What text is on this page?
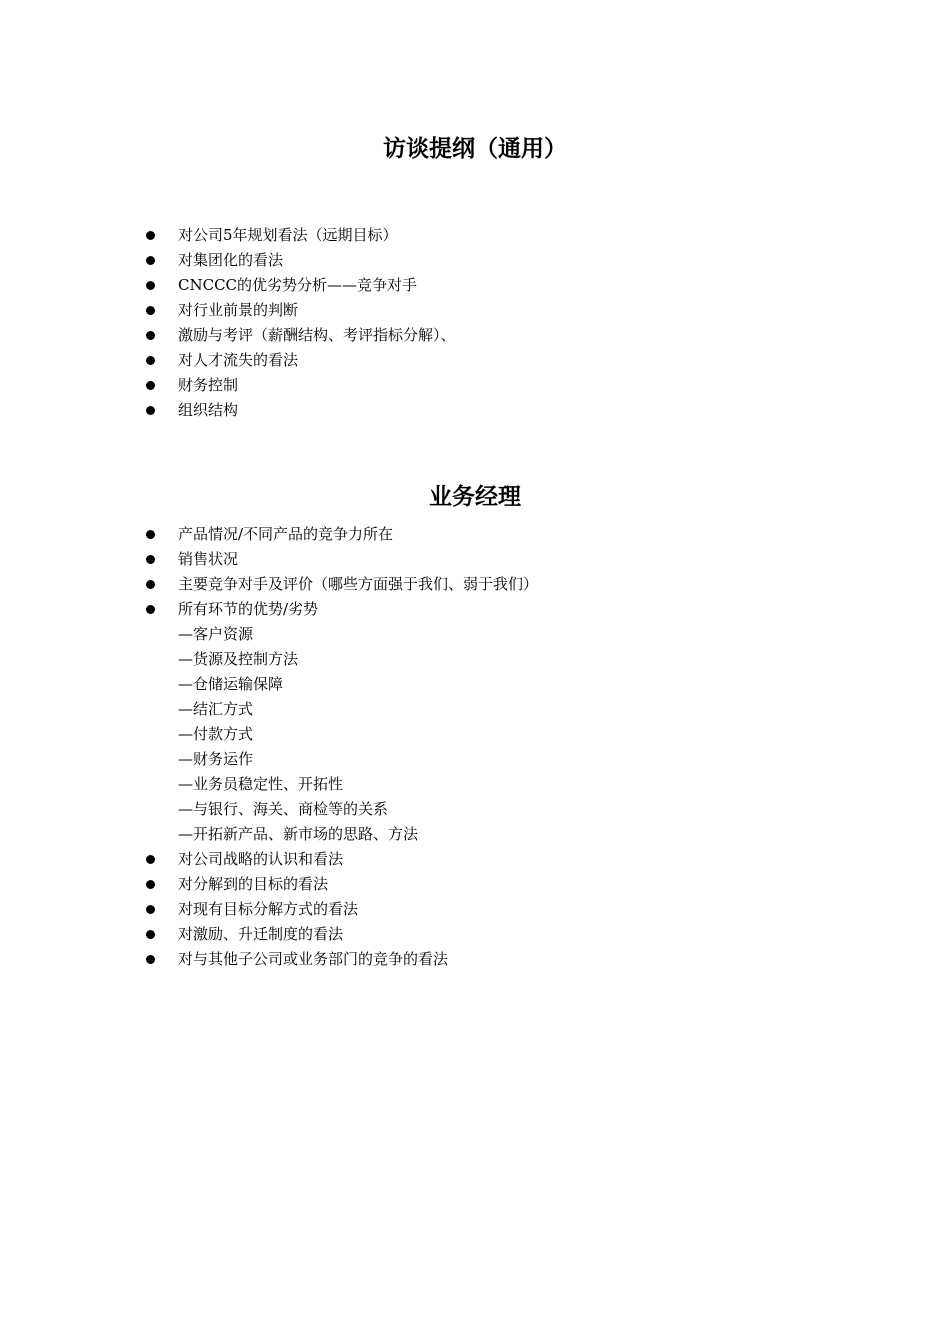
访谈提纲（通用）
对公司5年规划看法（远期目标）
对集团化的看法
CNCCC的优劣势分析——竞争对手
对行业前景的判断
激励与考评（薪酬结构、考评指标分解）、
对人才流失的看法
财务控制
组织结构
业务经理
产品情况/不同产品的竞争力所在
销售状况
主要竞争对手及评价（哪些方面强于我们、弱于我们）
所有环节的优势/劣势
—客户资源
—货源及控制方法
—仓储运输保障
—结汇方式
—付款方式
—财务运作
—业务员稳定性、开拓性
—与银行、海关、商检等的关系
—开拓新产品、新市场的思路、方法
对公司战略的认识和看法
对分解到的目标的看法
对现有目标分解方式的看法
对激励、升迁制度的看法
对与其他子公司或业务部门的竞争的看法
